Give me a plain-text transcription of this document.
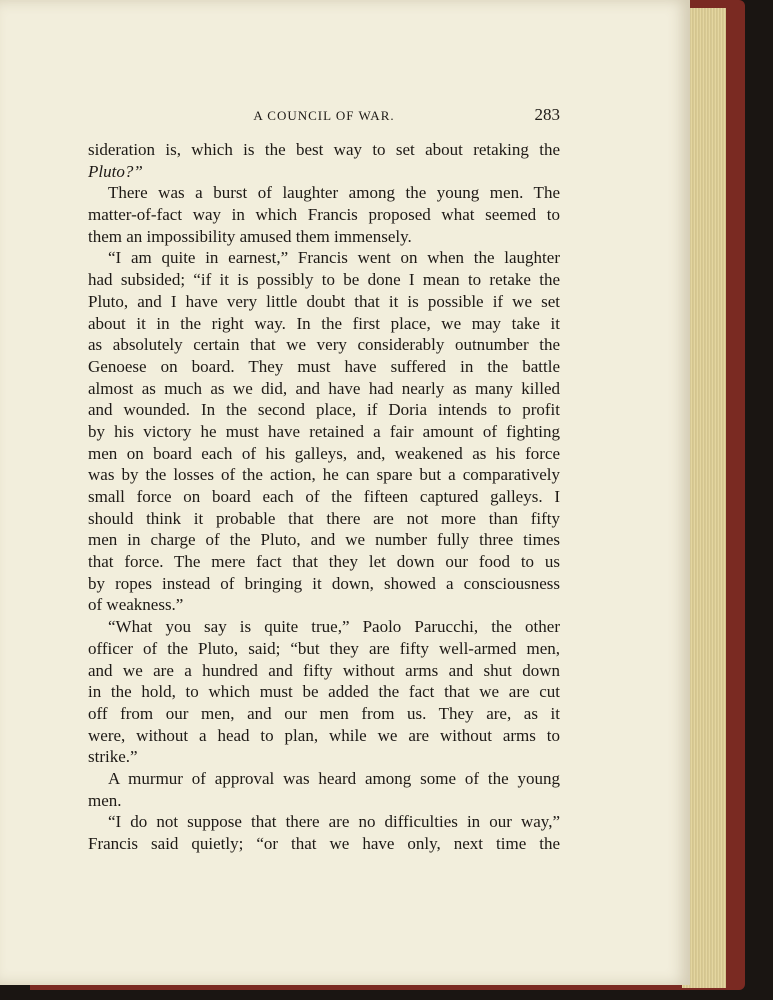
A COUNCIL OF WAR.	283
sideration is, which is the best way to set about retaking the
Pluto?”
There was a burst of laughter among the young men. The
matter-of-fact way in which Francis proposed what seemed to
them an impossibility amused them immensely.
“I am quite in earnest,” Francis went on when the laughter
had subsided; “if it is possibly to be done I mean to retake the
Pluto, and I have very little doubt that it is possible if we set
about it in the right way. In the first place, we may take it
as absolutely certain that we very considerably outnumber the
Genoese on board. They must have suffered in the battle
almost as much as we did, and have had nearly as many killed
and wounded. In the second place, if Doria intends to profit
by his victory he must have retained a fair amount of fighting
men on board each of his galleys, and, weakened as his force
was by the losses of the action, he can spare but a comparatively
small force on board each of the fifteen captured galleys. I
should think it probable that there are not more than fifty
men in charge of the Pluto, and we number fully three times
that force. The mere fact that they let down our food to us
by ropes instead of bringing it down, showed a consciousness
of weakness.”
“What you say is quite true,” Paolo Parucchi, the other
officer of the Pluto, said; “but they are fifty well-armed men,
and we are a hundred and fifty without arms and shut down
in the hold, to which must be added the fact that we are cut
off from our men, and our men from us. They are, as it
were, without a head to plan, while we are without arms to
strike.”
A murmur of approval was heard among some of the young
men.
“I do not suppose that there are no difficulties in our way,”
Francis said quietly; “or that we have only, next time the
